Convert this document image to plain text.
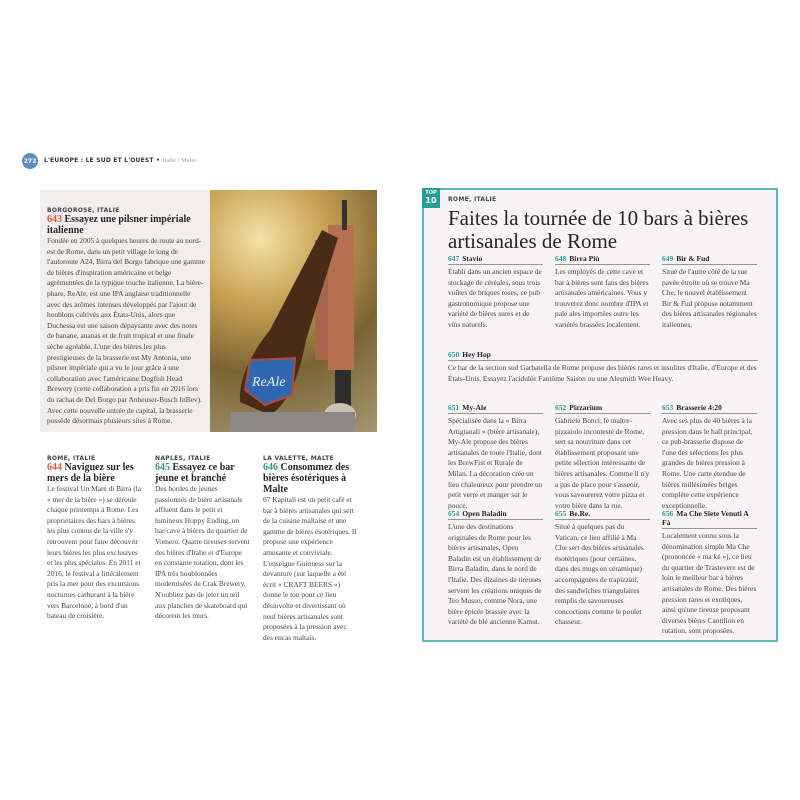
272 L'EUROPE : LE SUD ET L'OUEST • Italie / Malte
BORGOROSE, ITALIE
643 Essayez une pilsner impériale italienne
Fondée en 2005 à quelques heures de route au nord-est de Rome, dans un petit village le long de l'autoroute A24, Birra del Borgo fabrique une gamme de bières d'inspiration américaine et belge agrémentées de la typique touche italienne. La bière-phare, ReAle, est une IPA anglaise traditionnelle avec des arômes intenses développés par l'ajout de houblons cultivés aux États-Unis, alors que Duchessa est une saison dépaysante avec des notes de banane, ananas et de fruit tropical et une finale sèche agréable. L'une des bières les plus prestigieuses de la brasserie est My Antonia, une pilsner impériale qui a vu le jour grâce à une collaboration avec l'américaine Dogfish Head Brewery (cette collaboration a pris fin en 2016 lors du rachat de Del Borgo par Anheuser-Busch InBev). Avec cette nouvelle entrée de capital, la brasserie possède désormais plusieurs sites à Rome.
ReAle
ROME, ITALIE
644 Naviguez sur les mers de la bière
Le festival Un Mare di Birra (la « mer de la bière ») se déroule chaque printemps à Rome. Les propriétaires des bars à bières les plus connus de la ville s'y retrouvent pour faire découvrir leurs bières les plus exclusives et les plus spéciales. En 2011 et 2016, le festival a littéralement pris la mer pour des excursions nocturnes carburant à la bière vers Barcelone, à bord d'un bateau de croisière.
NAPLES, ITALIE
645 Essayez ce bar jeune et branché
Des hordes de jeunes passionnés de bière artisanale affluent dans le petit et lumineux Hoppy Ending, un bar/cave à bières du quartier de Vomero. Quatre tireuses servent des bières d'Italie et d'Europe en constante rotation, dont les IPA très houblonnées modernisées de Crak Brewery. N'oubliez pas de jeter un œil aux planches de skateboard qui décorent les murs.
LA VALETTE, MALTE
646 Consommez des bières ésotériques à Malte
67 Kapitali est un petit café et bar à bières artisanales qui sert de la cuisine maltaise et une gamme de bières ésotériques. Il propose une expérience amusante et conviviale. L'enseigne Guinness sur la devanture (sur laquelle a été écrit « CRAFT BEERS ») donne le ton pour ce lieu désinvolte et divertissant où neuf bières artisanales sont proposées à la pression avec des encas maltais.
TOP
10	ROME, ITALIE
Faites la tournée de 10 bars à bières artisanales de Rome
647 Stavio
Établi dans un ancien espace de stockage de céréales, sous trois voûtes de briques roses, ce pub gastronomique propose une variété de bières sures et de vins naturels.
648 Birra Più
Les employés de cette cave et bar à bières sont fans des bières artisanales américaines. Vous y trouverez donc nombre d'IPA et pale ales importées outre les variétés brassées localement.
649 Bir & Fud
Situé de l'autre côté de la rue pavée étroite où se trouve Ma Che, le nouvel établissement Bir & Fud propose notamment des bières artisanales régionales italiennes.
650 Hey Hop
Ce bar de la section sud Garbatella de Rome propose des bières rares et insolites d'Italie, d'Europe et des États-Unis. Essayez l'acidulée Fantôme Saison ou une Alesmith Wee Heavy.
651 My-Ale
Spécialisée dans la « Birra Artigianali » (bière artisanale), My-Ale propose des bières artisanales de toute l'Italie, dont les BrewFist et Rurale de Milan. La décoration crée un lieu chaleureux pour prendre un petit verre et manger sur le pouce.
652 Pizzarium
Gabriele Bonci, le maître-pizzaiolo incontesté de Rome, sert sa nourriture dans cet établissement proposant une petite sélection intéressante de bières artisanales. Comme il n'y a pas de place pour s'asseoir, vous savourerez votre pizza et votre bière dans la rue.
653 Brasserie 4:20
Avec ses plus de 40 bières à la pression dans le hall principal, ce pub-brasserie dispose de l'une des sélections les plus grandes de bières pression à Rome. Une carte étendue de bières millésimées belges complète cette expérience exceptionnelle.
654 Open Baladin
L'une des destinations originales de Rome pour les bières artisanales, Open Baladin est un établissement de Birra Baladin, dans le nord de l'Italie. Des dizaines de tireuses servent les créations uniques de Teo Musso, comme Nora, une bière épicée brassée avec la variété de blé ancienne Kamut.
655 Be.Re.
Situé à quelques pas du Vatican, ce lieu affilié à Ma Che sert des bières artisanales ésotériques (pour certaines, dans des mugs en céramique) accompagnées de trapizzini, des sandwiches triangulaires remplis de savoureuses concoctions comme le poulet chasseur.
656 Ma Che Siete Venuti A Fà
Localement connu sous la dénomination simple Ma Che (prononcée « ma ké »), ce lieu du quartier de Trastevere est de loin le meilleur bar à bières artisanales de Rome. Des bières pression rares et exotiques, ainsi qu'une tireuse proposant diverses bières Cantillon en rotation, sont proposées.
